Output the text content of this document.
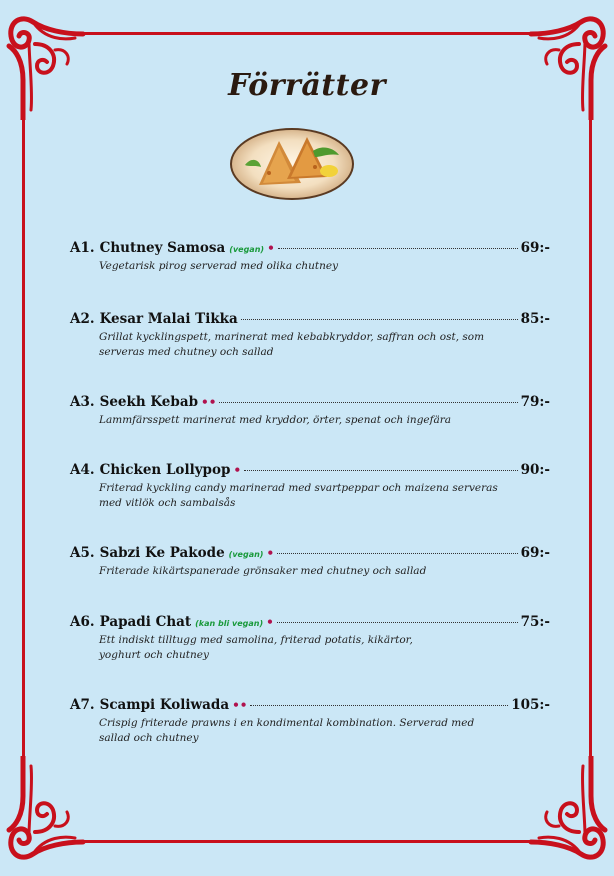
Förrätter
A1. Chutney Samosa (vegan) •	69:-
Vegetarisk pirog serverad med olika chutney
A2. Kesar Malai Tikka	85:-
Grillat kycklingspett, marinerat med kebabkryddor, saffran och ost, som serveras med chutney och sallad
A3. Seekh Kebab ••	79:-
Lammfärsspett marinerat med kryddor, örter, spenat och ingefära
A4. Chicken Lollypop •	90:-
Friterad kyckling candy marinerad med svartpeppar och maizena serveras med vitlök och sambalsås
A5. Sabzi Ke Pakode (vegan) •	69:-
Friterade kikärtspanerade grönsaker med chutney och sallad
A6. Papadi Chat (kan bli vegan) •	75:-
Ett indiskt tilltugg med samolina, friterad potatis, kikärtor, yoghurt och chutney
A7. Scampi Koliwada ••	105:-
Crispig friterade prawns i en kondimental kombination. Serverad med sallad och chutney
